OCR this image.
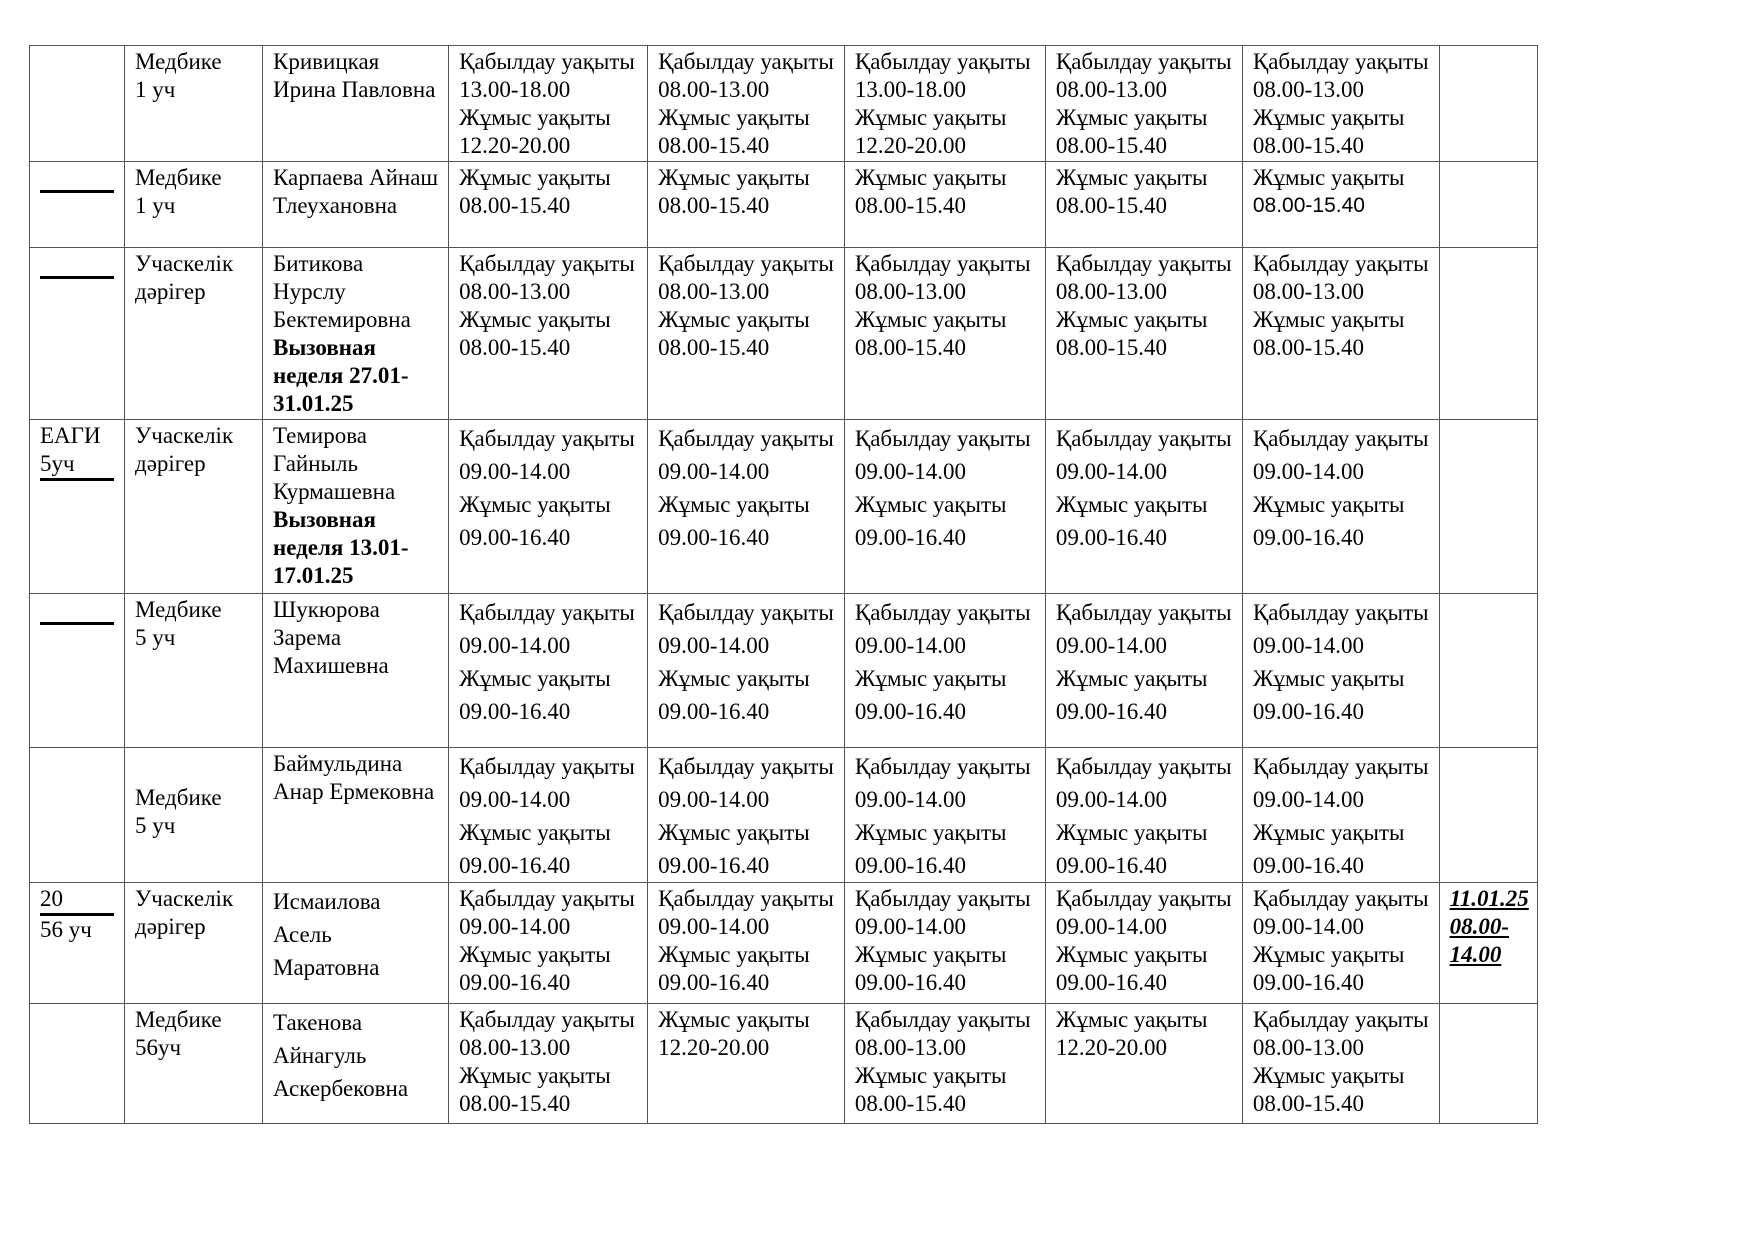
	Медбике
1 уч	Кривицкая
Ирина Павловна	Қабылдау уақыты
13.00-18.00
Жұмыс уақыты
12.20-20.00	Қабылдау уақыты
08.00-13.00
Жұмыс уақыты
08.00-15.40	Қабылдау уақыты
13.00-18.00
Жұмыс уақыты
12.20-20.00	Қабылдау уақыты
08.00-13.00
Жұмыс уақыты
08.00-15.40	Қабылдау уақыты
08.00-13.00
Жұмыс уақыты
08.00-15.40	

	Медбике
1 уч	Карпаева Айнаш
Тлеухановна	Жұмыс уақыты
08.00-15.40	Жұмыс уақыты
08.00-15.40	Жұмыс уақыты
08.00-15.40	Жұмыс уақыты
08.00-15.40	Жұмыс уақыты
08.00-15.40	

	Учаскелік
дәрігер	Битикова
Нурслу
Бектемировна
Вызовная неделя 27.01-31.01.25	Қабылдау уақыты
08.00-13.00
Жұмыс уақыты
08.00-15.40	Қабылдау уақыты
08.00-13.00
Жұмыс уақыты
08.00-15.40	Қабылдау уақыты
08.00-13.00
Жұмыс уақыты
08.00-15.40	Қабылдау уақыты
08.00-13.00
Жұмыс уақыты
08.00-15.40	Қабылдау уақыты
08.00-13.00
Жұмыс уақыты
08.00-15.40	

ЕАГИ
5уч	Учаскелік
дәрігер	Темирова
Гайныль
Курмашевна
Вызовная неделя 13.01-17.01.25	Қабылдау уақыты
09.00-14.00
Жұмыс уақыты
09.00-16.40	Қабылдау уақыты
09.00-14.00
Жұмыс уақыты
09.00-16.40	Қабылдау уақыты
09.00-14.00
Жұмыс уақыты
09.00-16.40	Қабылдау уақыты
09.00-14.00
Жұмыс уақыты
09.00-16.40	Қабылдау уақыты
09.00-14.00
Жұмыс уақыты
09.00-16.40	

	Медбике
5 уч	Шукюрова
Зарема
Махишевна	Қабылдау уақыты
09.00-14.00
Жұмыс уақыты
09.00-16.40	Қабылдау уақыты
09.00-14.00
Жұмыс уақыты
09.00-16.40	Қабылдау уақыты
09.00-14.00
Жұмыс уақыты
09.00-16.40	Қабылдау уақыты
09.00-14.00
Жұмыс уақыты
09.00-16.40	Қабылдау уақыты
09.00-14.00
Жұмыс уақыты
09.00-16.40	

	Медбике
5 уч	Баймульдина
Анар Ермековна	Қабылдау уақыты
09.00-14.00
Жұмыс уақыты
09.00-16.40	Қабылдау уақыты
09.00-14.00
Жұмыс уақыты
09.00-16.40	Қабылдау уақыты
09.00-14.00
Жұмыс уақыты
09.00-16.40	Қабылдау уақыты
09.00-14.00
Жұмыс уақыты
09.00-16.40	Қабылдау уақыты
09.00-14.00
Жұмыс уақыты
09.00-16.40	

20
56 уч	Учаскелік
дәрігер	Исмаилова
Асель
Маратовна	Қабылдау уақыты
09.00-14.00
Жұмыс уақыты
09.00-16.40	Қабылдау уақыты
09.00-14.00
Жұмыс уақыты
09.00-16.40	Қабылдау уақыты
09.00-14.00
Жұмыс уақыты
09.00-16.40	Қабылдау уақыты
09.00-14.00
Жұмыс уақыты
09.00-16.40	Қабылдау уақыты
09.00-14.00
Жұмыс уақыты
09.00-16.40	11.01.25 08.00-14.00

	Медбике
56уч	Такенова
Айнагуль
Аскербековна	Қабылдау уақыты
08.00-13.00
Жұмыс уақыты
08.00-15.40	Жұмыс уақыты
12.20-20.00	Қабылдау уақыты
08.00-13.00
Жұмыс уақыты
08.00-15.40	Жұмыс уақыты
12.20-20.00	Қабылдау уақыты
08.00-13.00
Жұмыс уақыты
08.00-15.40	
